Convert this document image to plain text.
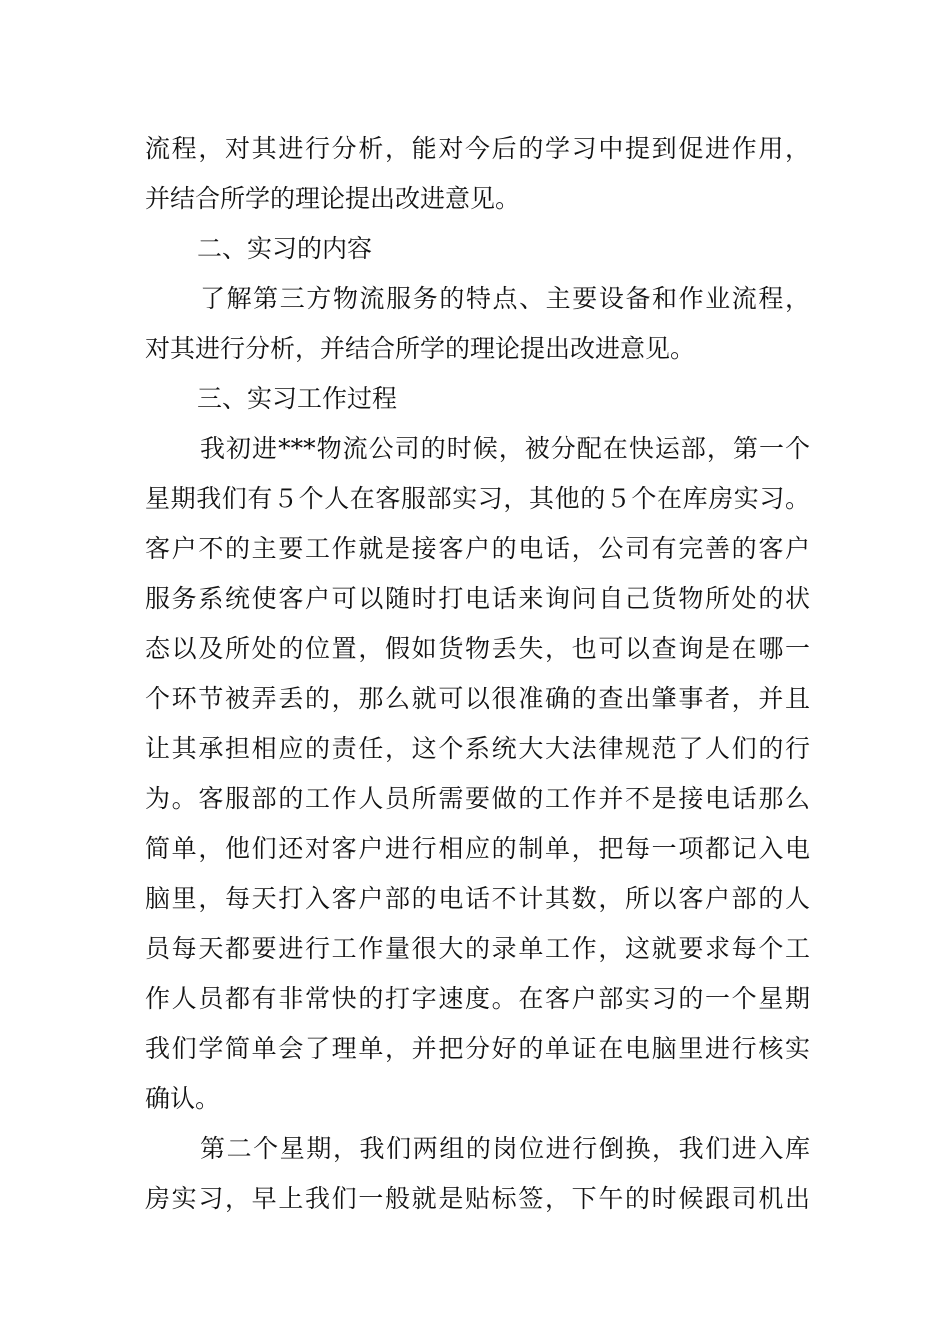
流程，对其进行分析，能对今后的学习中提到促进作用，
并结合所学的理论提出改进意见。
二、实习的内容
了解第三方物流服务的特点、主要设备和作业流程，
对其进行分析，并结合所学的理论提出改进意见。
三、实习工作过程
我初进***物流公司的时候，被分配在快运部，第一个
星期我们有５个人在客服部实习，其他的５个在库房实习。
客户不的主要工作就是接客户的电话，公司有完善的客户
服务系统使客户可以随时打电话来询问自己货物所处的状
态以及所处的位置，假如货物丢失，也可以查询是在哪一
个环节被弄丢的，那么就可以很准确的查出肇事者，并且
让其承担相应的责任，这个系统大大法律规范了人们的行
为。客服部的工作人员所需要做的工作并不是接电话那么
简单，他们还对客户进行相应的制单，把每一项都记入电
脑里，每天打入客户部的电话不计其数，所以客户部的人
员每天都要进行工作量很大的录单工作，这就要求每个工
作人员都有非常快的打字速度。在客户部实习的一个星期
我们学简单会了理单，并把分好的单证在电脑里进行核实
确认。
第二个星期，我们两组的岗位进行倒换，我们进入库
房实习，早上我们一般就是贴标签，下午的时候跟司机出
